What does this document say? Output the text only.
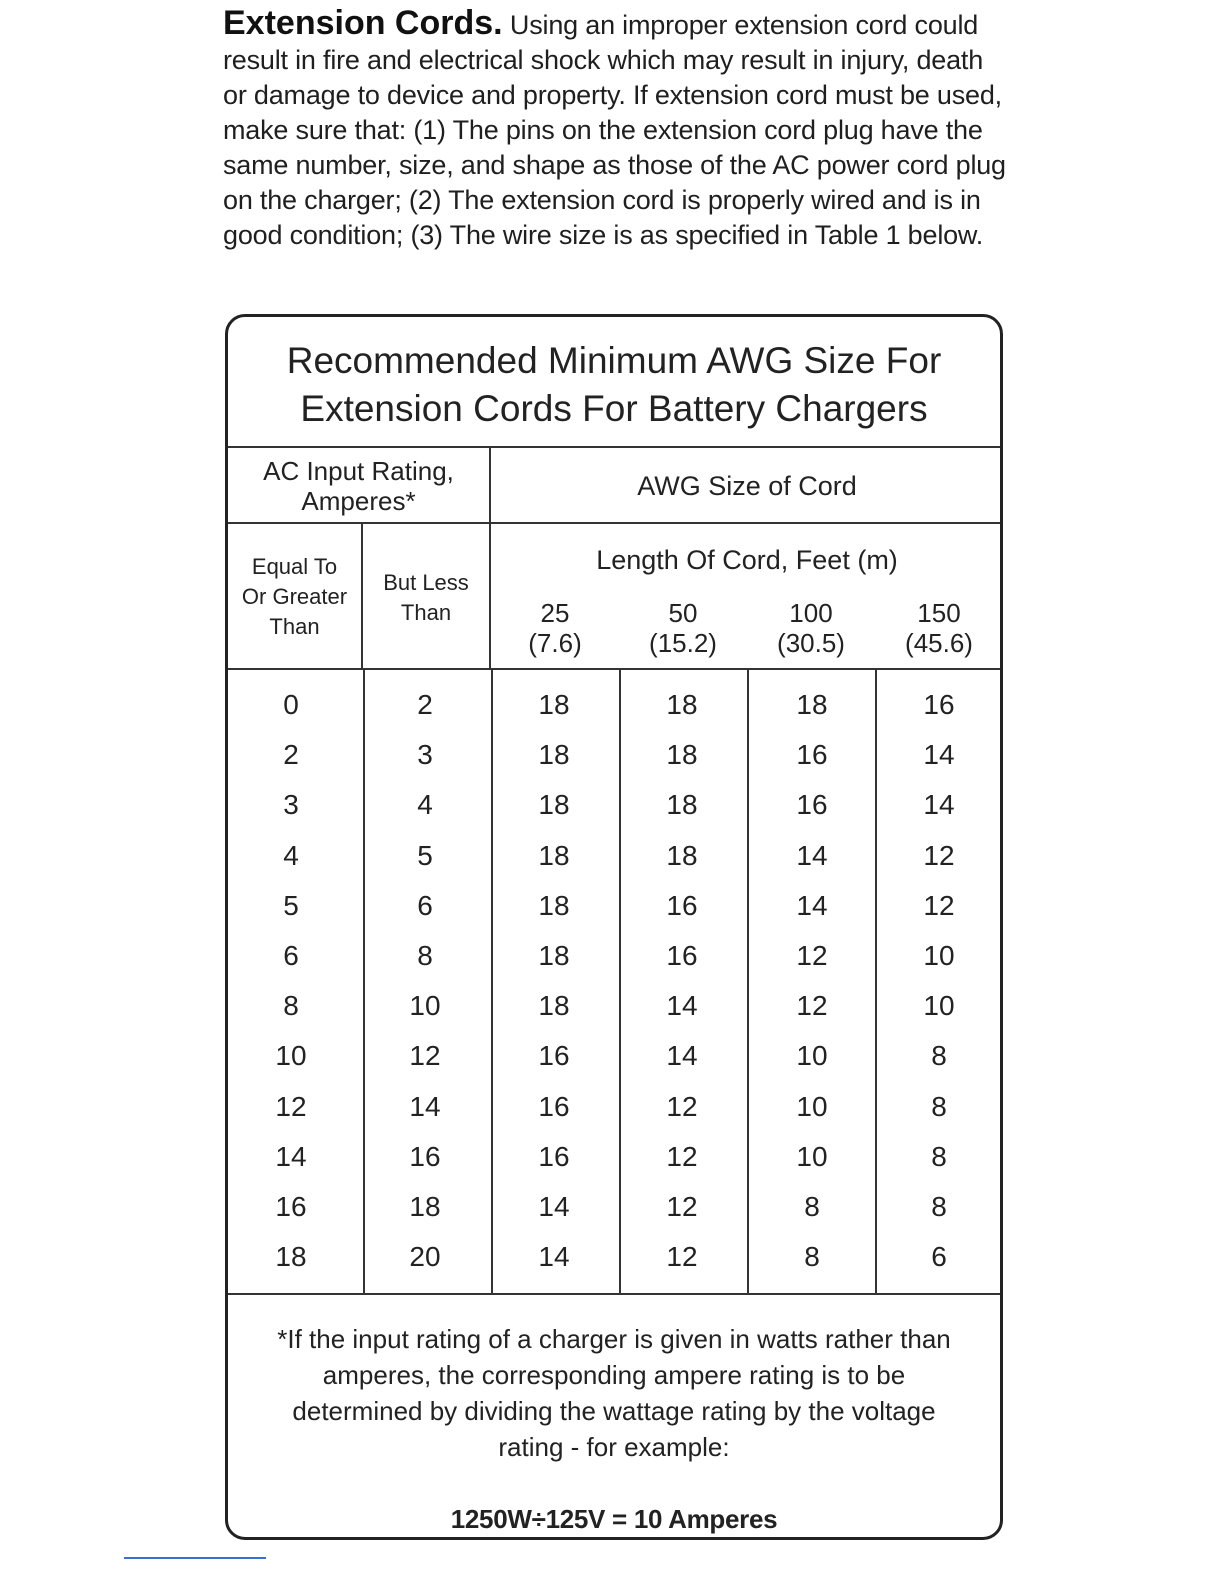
Extension Cords. Using an improper extension cord could result in fire and electrical shock which may result in injury, death or damage to device and property. If extension cord must be used, make sure that: (1) The pins on the extension cord plug have the same number, size, and shape as those of the AC power cord plug on the charger; (2) The extension cord is properly wired and is in good condition; (3) The wire size is as specified in Table 1 below.

Recommended Minimum AWG Size For
Extension Cords For Battery Chargers
AC Input Rating,
Amperes*	AWG Size of Cord
Equal To
Or Greater
Than
But Less
Than
Length Of Cord, Feet (m)
25
(7.6)
50
(15.2)
100
(30.5)
150
(45.6)
0	2	18	18	18	16
2	3	18	18	16	14
3	4	18	18	16	14
4	5	18	18	14	12
5	6	18	16	14	12
6	8	18	16	12	10
8	10	18	14	12	10
10	12	16	14	10	8
12	14	16	12	10	8
14	16	16	12	10	8
16	18	14	12	8	8
18	20	14	12	8	6
*If the input rating of a charger is given in watts rather than amperes, the corresponding ampere rating is to be determined by dividing the wattage rating by the voltage rating - for example:
1250W÷125V = 10 Amperes
